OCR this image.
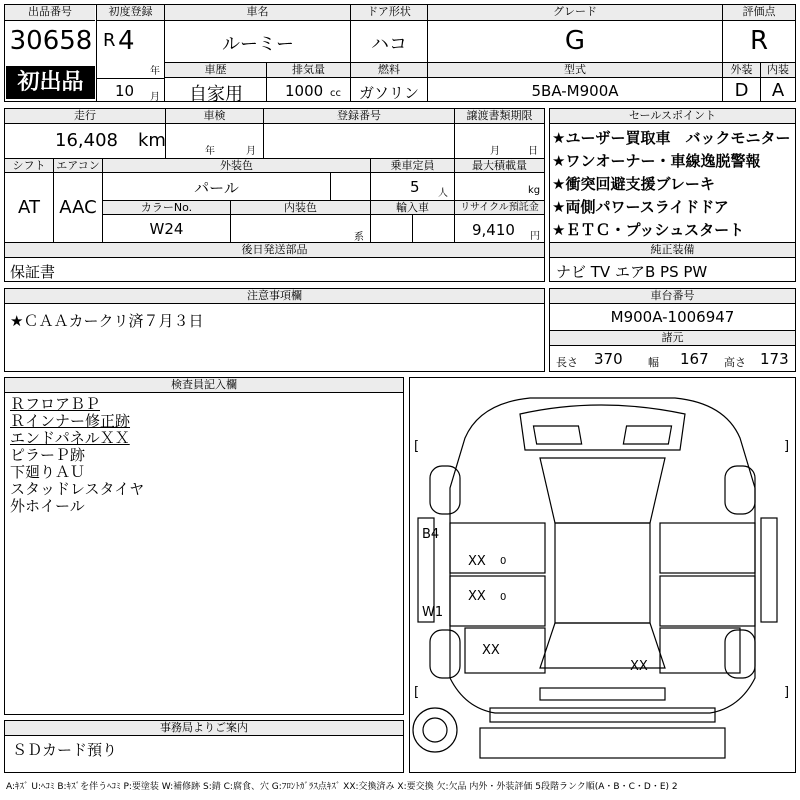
出品番号
30658
初出品
初度登録
R 4
年
10 月
車名
ルーミー
車歴
自家用
排気量
1000 cc
ドア形状
ハコ
燃料
ガソリン
グレード
G
型式
5BA-M900A
評価点
R
外装	内装
D	A
走行
16,408 km
車検
年	月
登録番号	譲渡書類期限
月	日
シフト
AT
エアコン
AAC
外装色
パール
乗車定員
5 人
最大積載量
kg
カラーNo.
W24
内装色
系
輸入車	リサイクル預託金
9,410 円
後日発送部品
保証書
セールスポイント
★ユーザー買取車　バックモニター
★ワンオーナー・車線逸脱警報
★衝突回避支援ブレーキ
★両側パワースライドドア
★ＥＴＣ・プッシュスタート
純正装備
ナビ TV エアB PS PW
注意事項欄
★ＣＡＡカークリ済７月３日
車台番号
M900A-1006947
諸元
長さ 370 幅 167 高さ 173
検査員記入欄
ＲフロアＢＰ
Ｒインナー修正跡
エンドパネルＸＸ
ピラーＰ跡
下廻りＡＵ
スタッドレスタイヤ
外ホイール
[
[
]
]
B4
W1
XX
XX
XX
XX
0
0
事務局よりご案内
ＳＤカード預り
A:ｷｽﾞ U:ﾍｺﾐ B:ｷｽﾞを伴うﾍｺﾐ P:要塗装 W:補修跡 S:錆 C:腐食、穴 G:ﾌﾛﾝﾄｶﾞﾗｽ点ｷｽﾞ XX:交換済み X:要交換 欠:欠品 内外・外装評価 5段階ランク順(A・B・C・D・E) 2
